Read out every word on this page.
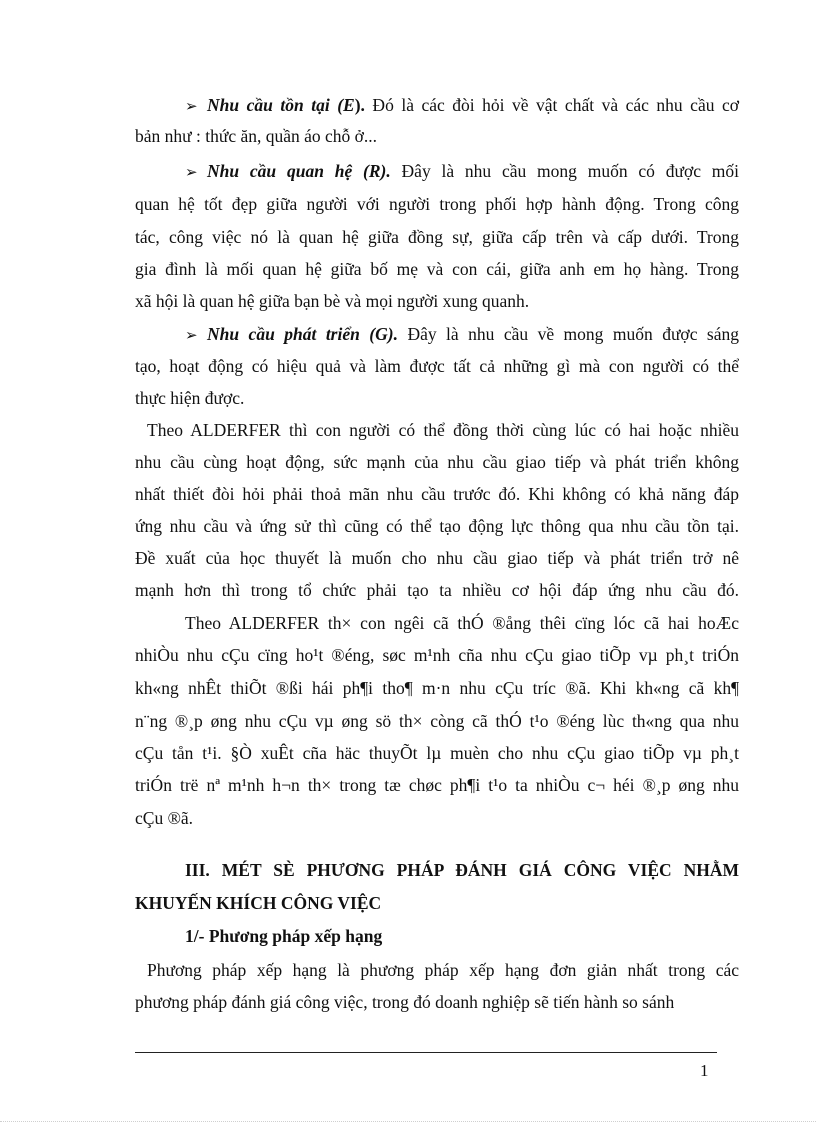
➢ Nhu cầu tồn tại (E). Đó là các đòi hỏi về vật chất và các nhu cầu cơ
bản như : thức ăn, quần áo chỗ ở...
➢ Nhu cầu quan hệ (R). Đây là nhu cầu mong muốn có được mối
quan hệ tốt đẹp giữa người với người trong phối hợp hành động. Trong công
tác, công việc nó là quan hệ giữa đồng sự, giữa cấp trên và cấp dưới. Trong
gia đình là mối quan hệ giữa bố mẹ và con cái, giữa anh em họ hàng. Trong
xã hội là quan hệ giữa bạn bè và mọi người xung quanh.
➢ Nhu cầu phát triển (G). Đây là nhu cầu về mong muốn được sáng
tạo, hoạt động có hiệu quả và làm được tất cả những gì mà con người có thể
thực hiện được.
Theo ALDERFER thì con người có thể đồng thời cùng lúc có hai hoặc nhiều
nhu cầu cùng hoạt động, sức mạnh của nhu cầu giao tiếp và phát triển không
nhất thiết đòi hỏi phải thoả mãn nhu cầu trước đó. Khi không có khả năng đáp
ứng nhu cầu và ứng sử thì cũng có thể tạo động lực thông qua nhu cầu tồn tại.
Đề xuất của học thuyết là muốn cho nhu cầu giao tiếp và phát triển trở nê
mạnh hơn thì trong tổ chức phải tạo ta nhiều cơ hội đáp ứng nhu cầu đó.
Theo ALDERFER th× con ngêi cã thÓ ®ång thêi cïng lóc cã hai hoÆc
nhiÒu nhu cÇu cïng ho¹t ®éng, søc m¹nh cña nhu cÇu giao tiÕp vµ ph¸t triÓn
kh«ng nhÊt thiÕt ®ßi hái ph¶i tho¶ m·n nhu cÇu tríc ®ã. Khi kh«ng cã kh¶
n¨ng ®¸p øng nhu cÇu vµ øng sö th× còng cã thÓ t¹o ®éng lùc th«ng qua nhu
cÇu tån t¹i. §Ò xuÊt cña häc thuyÕt lµ muèn cho nhu cÇu giao tiÕp vµ ph¸t
triÓn trë nª m¹nh h¬n th× trong tæ chøc ph¶i t¹o ta nhiÒu c¬ héi ®¸p øng nhu
cÇu ®ã.
III. MÉT SÈ PHƯƠNG PHÁP ĐÁNH GIÁ CÔNG VIỆC NHẰM
KHUYẾN KHÍCH CÔNG VIỆC
1/- Phương pháp xếp hạng
Phương pháp xếp hạng là phương pháp xếp hạng đơn giản nhất trong các
phương pháp đánh giá công việc, trong đó doanh nghiệp sẽ tiến hành so sánh
1
